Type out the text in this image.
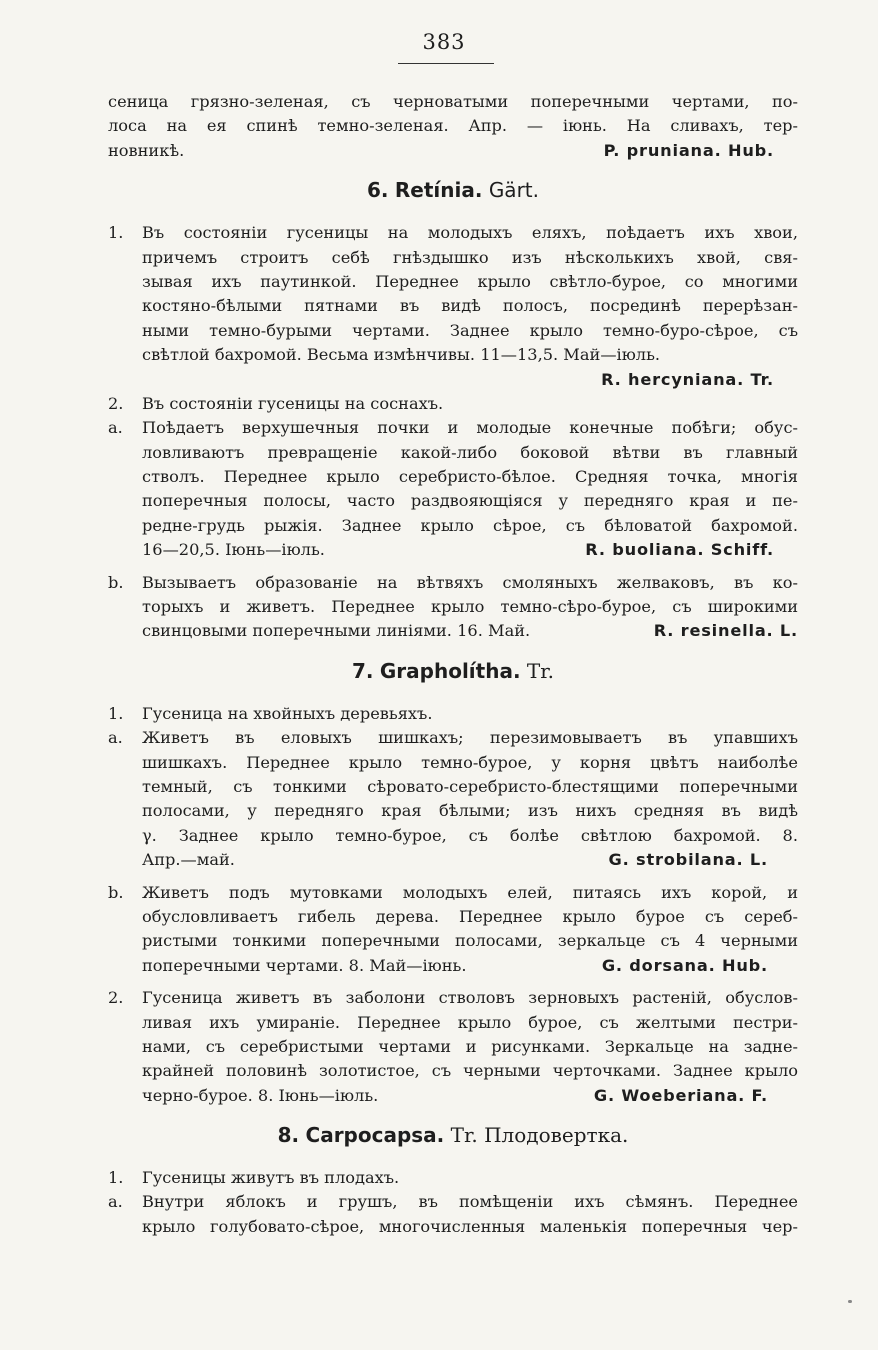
383
сеница грязно-зеленая, съ черноватыми поперечными чертами, по-
лоса на ея спинѣ темно-зеленая. Апр. — іюнь. На сливахъ, тер-
новникѣ.	P. pruniana. Hub.
6. Retínia. Gärt.
1. Въ состояніи гусеницы на молодыхъ еляхъ, поѣдаетъ ихъ хвои,
причемъ строитъ себѣ гнѣздышко изъ нѣсколькихъ хвой, свя-
зывая ихъ паутинкой. Переднее крыло свѣтло-бурое, со многими
костяно-бѣлыми пятнами въ видѣ полосъ, посрединѣ перерѣзан-
ными темно-бурыми чертами. Заднее крыло темно-буро-сѣрое, съ
свѣтлой бахромой. Весьма измѣнчивы. 11—13,5. Май—іюль.
R. hercyniana. Tr.
2. Въ состояніи гусеницы на соснахъ.
a. Поѣдаетъ верхушечныя почки и молодые конечные побѣги; обус-
ловливаютъ превращеніе какой-либо боковой вѣтви въ главный
стволъ. Переднее крыло серебристо-бѣлое. Средняя точка, многія
поперечныя полосы, часто раздвояющіяся у передняго края и пе-
редне-грудь рыжія. Заднее крыло сѣрое, съ бѣловатой бахромой.
16—20,5. Іюнь—іюль.	R. buoliana. Schiff.
b. Вызываетъ образованіе на вѣтвяхъ смоляныхъ желваковъ, въ ко-
торыхъ и живетъ. Переднее крыло темно-сѣро-бурое, съ широкими
свинцовыми поперечными линіями. 16. Май.	R. resinella. L.
7. Grapholítha. Tr.
1. Гусеница на хвойныхъ деревьяхъ.
a. Живетъ въ еловыхъ шишкахъ; перезимовываетъ въ упавшихъ
шишкахъ. Переднее крыло темно-бурое, у корня цвѣтъ наиболѣе
темный, съ тонкими сѣровато-серебристо-блестящими поперечными
полосами, у передняго края бѣлыми; изъ нихъ средняя въ видѣ
γ. Заднее крыло темно-бурое, съ болѣе свѣтлою бахромой. 8.
Апр.—май.	G. strobilana. L.
b. Живетъ подъ мутовками молодыхъ елей, питаясь ихъ корой, и
обусловливаетъ гибель дерева. Переднее крыло бурое съ сереб-
ристыми тонкими поперечными полосами, зеркальце съ 4 черными
поперечными чертами. 8. Май—іюнь.	G. dorsana. Hub.
2. Гусеница живетъ въ заболони стволовъ зерновыхъ растеній, обуслов-
ливая ихъ умираніе. Переднее крыло бурое, съ желтыми пестри-
нами, съ серебристыми чертами и рисунками. Зеркальце на задне-
крайней половинѣ золотистое, съ черными черточками. Заднее крыло
черно-бурое. 8. Іюнь—іюль.	G. Woeberiana. F.
8. Carpocapsa. Tr. Плодовертка.
1. Гусеницы живутъ въ плодахъ.
a. Внутри яблокъ и грушъ, въ помѣщеніи ихъ сѣмянъ. Переднее
крыло голубовато-сѣрое, многочисленныя маленькія поперечныя чер-
